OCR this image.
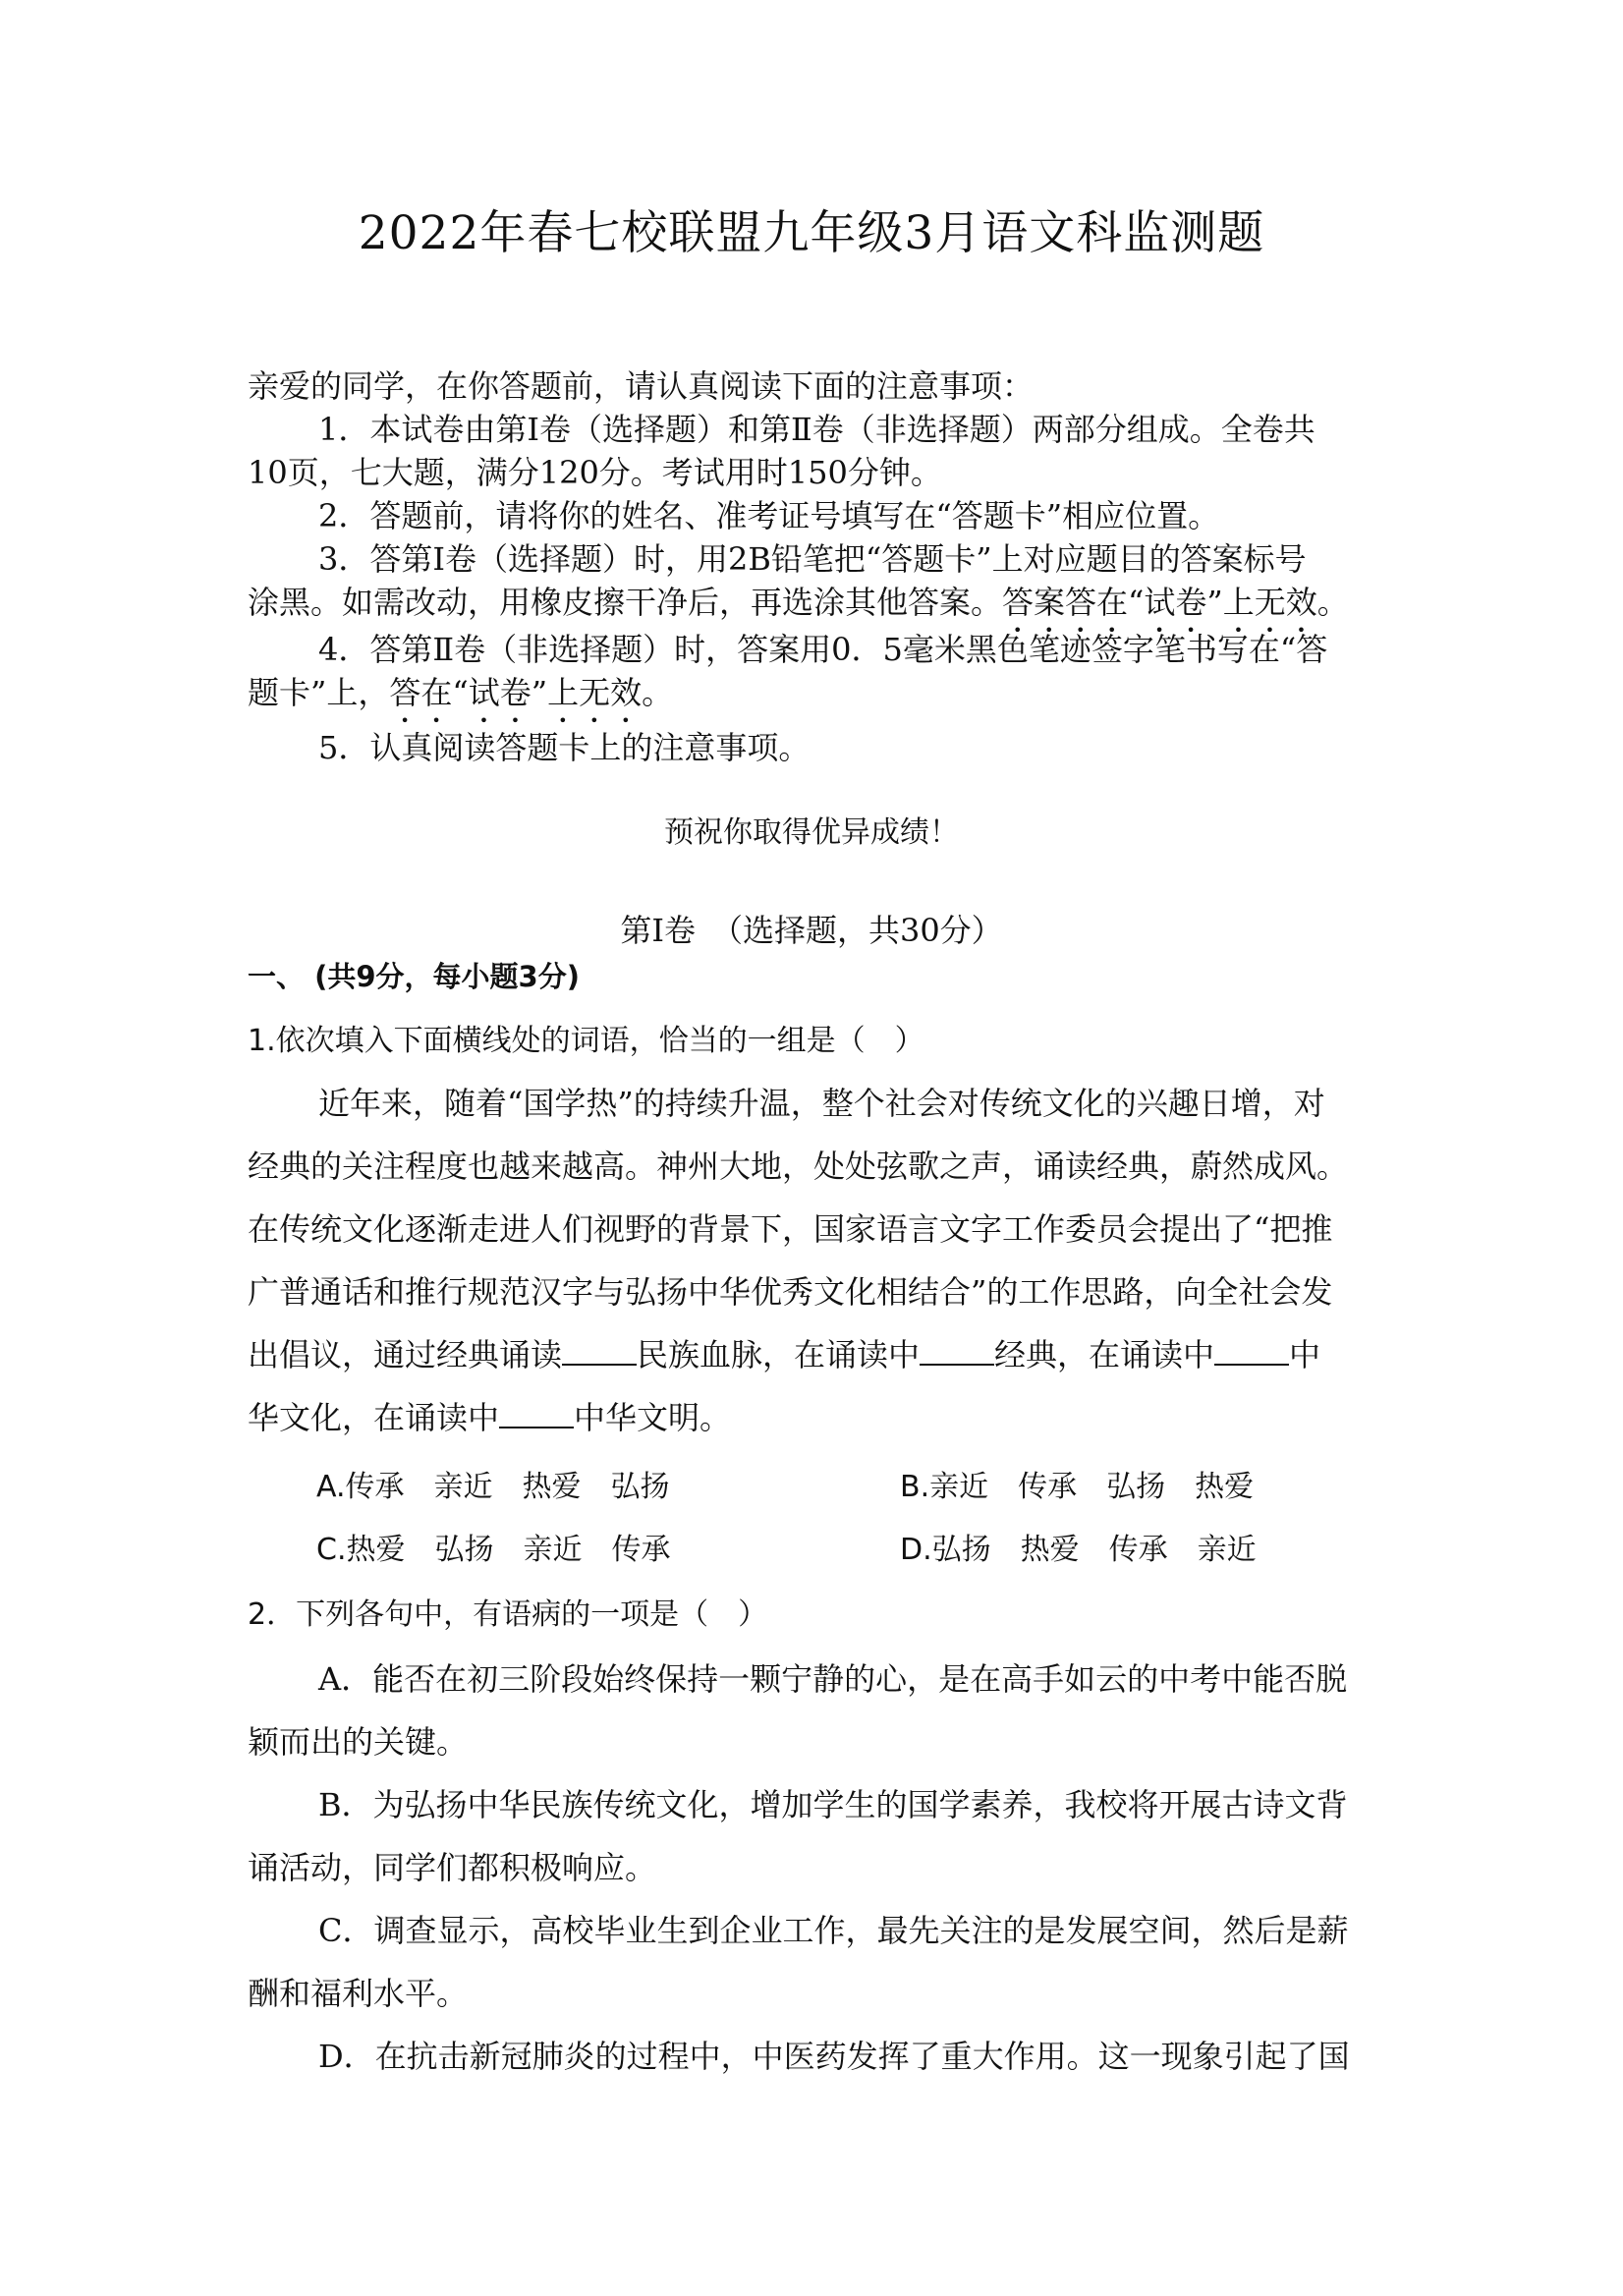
2022年春七校联盟九年级3月语文科监测题
亲爱的同学，在你答题前，请认真阅读下面的注意事项：
1．本试卷由第Ⅰ卷（选择题）和第Ⅱ卷（非选择题）两部分组成。全卷共
10页，七大题，满分120分。考试用时150分钟。
2．答题前，请将你的姓名、准考证号填写在“答题卡”相应位置。
3．答第Ⅰ卷（选择题）时，用2B铅笔把“答题卡”上对应题目的答案标号
涂黑。如需改动，用橡皮擦干净后，再选涂其他答案。答案答在“试卷”上无效。
4．答第Ⅱ卷（非选择题）时，答案用0．5毫米黑色笔迹签字笔书写在“答
题卡”上，答在“试卷”上无效。
5．认真阅读答题卡上的注意事项。
预祝你取得优异成绩！
第Ⅰ卷　（选择题，共30分）
一、 (共9分，每小题3分)
1.依次填入下面横线处的词语，恰当的一组是（　）
近年来，随着“国学热”的持续升温，整个社会对传统文化的兴趣日增，对
经典的关注程度也越来越高。神州大地，处处弦歌之声，诵读经典，蔚然成风。
在传统文化逐渐走进人们视野的背景下，国家语言文字工作委员会提出了“把推
广普通话和推行规范汉字与弘扬中华优秀文化相结合”的工作思路，向全社会发
出倡议，通过经典诵读 民族血脉，在诵读中 经典，在诵读中 中
华文化，在诵读中 中华文明。
A.传承　亲近　热爱　弘扬	B.亲近　传承　弘扬　热爱
C.热爱　弘扬　亲近　传承	D.弘扬　热爱　传承　亲近
2．下列各句中，有语病的一项是（　）
A．能否在初三阶段始终保持一颗宁静的心，是在高手如云的中考中能否脱
颖而出的关键。
B．为弘扬中华民族传统文化，增加学生的国学素养，我校将开展古诗文背
诵活动，同学们都积极响应。
C．调查显示，高校毕业生到企业工作，最先关注的是发展空间，然后是薪
酬和福利水平。
D．在抗击新冠肺炎的过程中，中医药发挥了重大作用。这一现象引起了国
